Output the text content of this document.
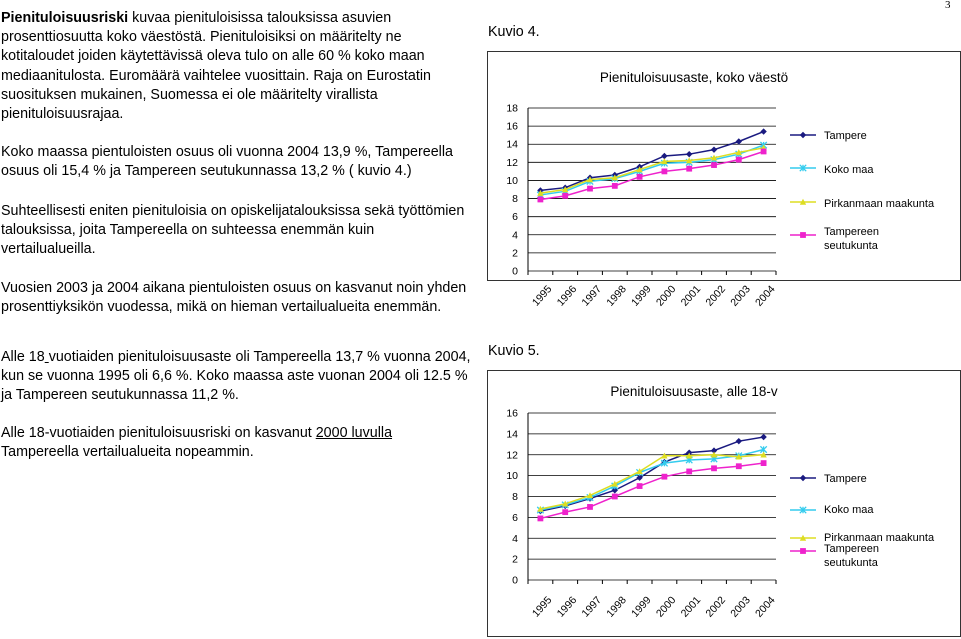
3

Pienituloisuusriski kuvaa pienituloisissa talouksissa asuvien prosenttiosuutta koko väestöstä. Pienituloisiksi on määritelty ne kotitaloudet joiden käytettävissä oleva tulo on alle 60 % koko maan mediaanitulosta. Euromäärä vaihtelee vuosittain. Raja on Eurostatin suosituksen mukainen, Suomessa ei ole määritelty virallista pienituloisuusrajaa.

Koko maassa pientuloisten osuus oli vuonna 2004 13,9 %, Tampereella osuus oli 15,4 % ja Tampereen seutukunnassa 13,2 % ( kuvio 4.)

Suhteellisesti eniten pienituloisia on opiskelijatalouksissa sekä työttömien talouksissa, joita Tampereella on suhteessa enemmän kuin vertailualueilla.

Vuosien 2003 ja 2004 aikana pientuloisten osuus on kasvanut noin yhden prosenttiyksikön vuodessa, mikä on hieman vertailualueita enemmän.

Alle 18 vuotiaiden pienituloisuusaste oli Tampereella 13,7 % vuonna 2004, kun se vuonna 1995 oli 6,6 %. Koko maassa aste vuonan 2004 oli 12.5 % ja Tampereen seutukunnassa 11,2 %.

Alle 18-vuotiaiden pienituloisuusriski on kasvanut 2000 luvulla Tampereella vertailualueita nopeammin.

Kuvio 4.
Pienituloisuusaste, koko väestö
0
2
4
6
8
10
12
14
16
18
1995 1996 1997 1998 1999 2000 2001 2002 2003 2004
Tampere
Koko maa
Pirkanmaan maakunta
Tampereen
seutukunta
Kuvio 5.
Pienituloisuusaste, alle 18-v
0
2
4
6
8
10
12
14
16
1995 1996 1997 1998 1999 2000 2001 2002 2003 2004
Tampere
Koko maa
Pirkanmaan maakunta
Tampereen
seutukunta
